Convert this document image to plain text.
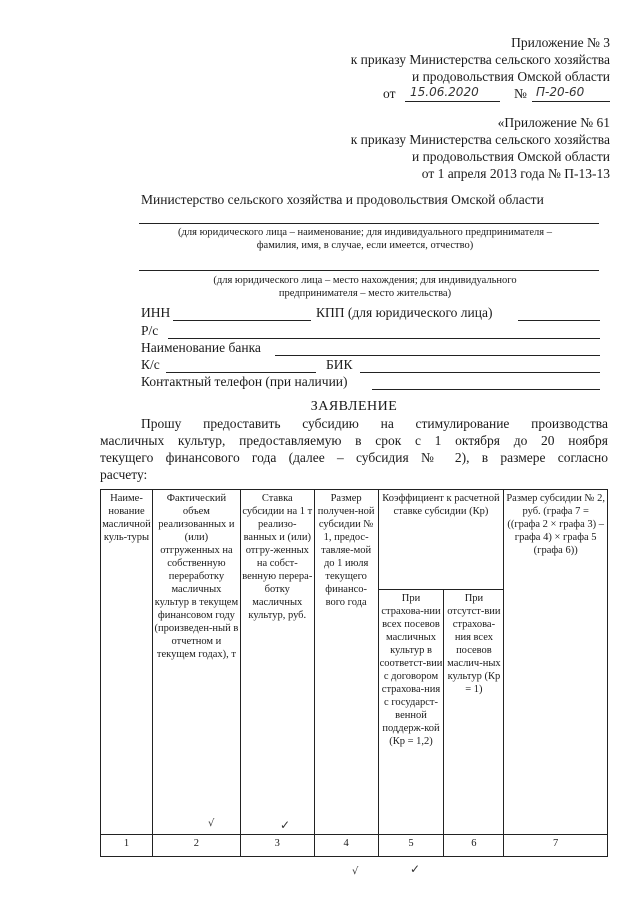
Приложение № 3
к приказу Министерства сельского хозяйства
и продовольствия Омской области
от 15.06.2020	№ П-20-60
«Приложение № 61
к приказу Министерства сельского хозяйства
и продовольствия Омской области
от 1 апреля 2013 года № П-13-13
Министерство сельского хозяйства и продовольствия Омской области
(для юридического лица – наименование; для индивидуального предпринимателя – фамилия, имя, в случае, если имеется, отчество)
(для юридического лица – место нахождения; для индивидуального предпринимателя – место жительства)
ИНН	КПП (для юридического лица)
Р/с
Наименование банка
К/с	БИК
Контактный телефон (при наличии)
ЗАЯВЛЕНИЕ
Прошу предоставить субсидию на стимулирование производства
масличных культур, предоставляемую в срок с 1 октября до 20 ноября
текущего финансового года (далее – субсидия № 2), в размере согласно
расчету:
Наиме-нование масличной куль-туры	Фактический объем реализованных и (или) отгруженных на собственную переработку масличных культур в текущем финансовом году (произведен-ный в отчетном и текущем годах), т	Ставка субсидии на 1 т реализо-ванных и (или) отгру-женных на собст-венную перера-ботку масличных культур, руб.	Размер получен-ной субсидии № 1, предос-тавляе-мой до 1 июля текущего финансо-вого года	Коэффициент к расчетной ставке субсидии (Кр)		Размер субсидии № 2, руб. (графа 7 = ((графа 2 × графа 3) – графа 4) × графа 5 (графа 6))
				При страхова-нии всех посевов масличных культур в соответст-вии с договором страхова-ния с государст-венной поддерж-кой (Кр = 1,2)	При отсутст-вии страхова-ния всех посевов маслич-ных культур (Кр = 1)	
1	2	3	4	5	6	7
√	✓
√	✓
